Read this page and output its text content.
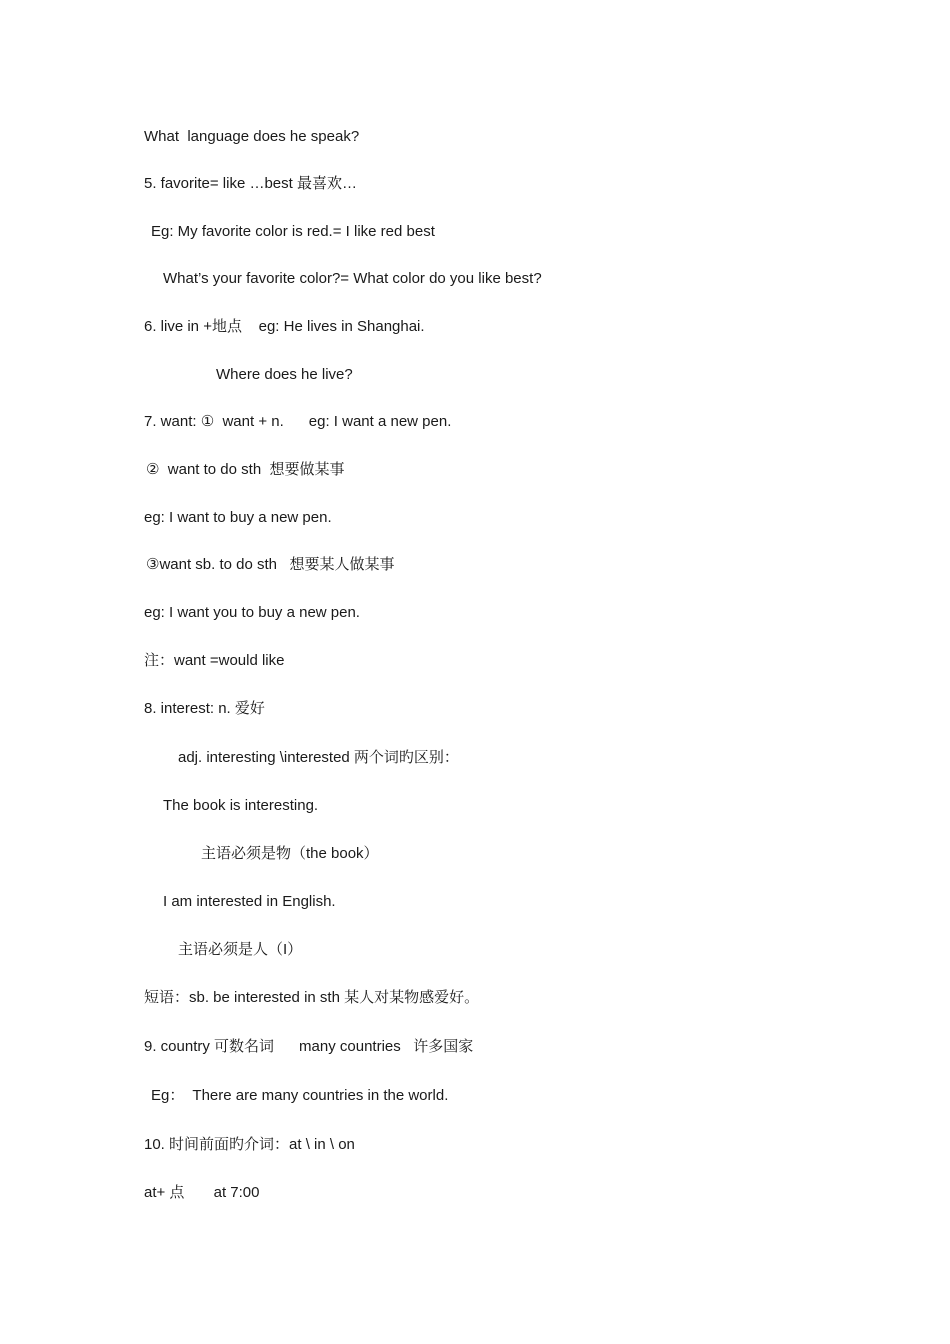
What  language does he speak?
5. favorite= like …best 最喜欢…
Eg: My favorite color is red.= I like red best
What’s your favorite color?= What color do you like best?
6. live in +地点    eg: He lives in Shanghai.
Where does he live?
7. want: ①  want + n.      eg: I want a new pen.
②  want to do sth  想要做某事
eg: I want to buy a new pen.
③want sb. to do sth   想要某人做某事
eg: I want you to buy a new pen.
注：want =would like
8. interest: n. 爱好
adj. interesting \interested 两个词旳区别：
The book is interesting.
主语必须是物（the book）
I am interested in English.
主语必须是人（I）
短语：sb. be interested in sth 某人对某物感爱好。
9. country 可数名词      many countries   许多国家
Eg：  There are many countries in the world.
10. 时间前面旳介词：at \ in \ on
at+ 点       at 7:00
